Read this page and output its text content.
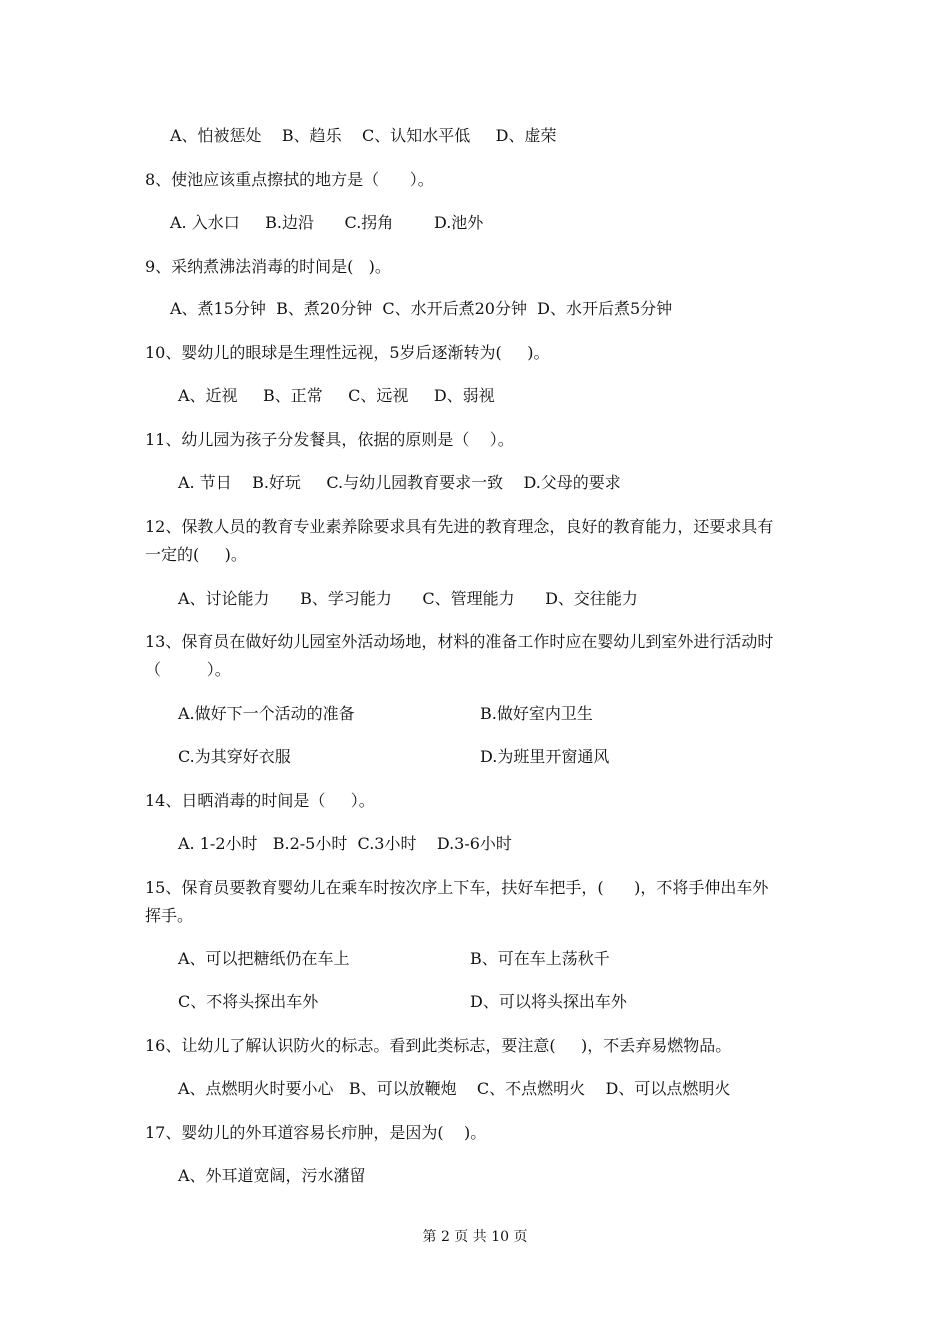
A、怕被惩处    B、趋乐    C、认知水平低     D、虚荣
8、使池应该重点擦拭的地方是（      ）。
A. 入水口     B.边沿      C.拐角        D.池外
9、采纳煮沸法消毒的时间是(   )。
A、煮15分钟  B、煮20分钟  C、水开后煮20分钟  D、水开后煮5分钟
10、婴幼儿的眼球是生理性远视，5岁后逐渐转为(     )。
A、近视     B、正常     C、远视     D、弱视
11、幼儿园为孩子分发餐具，依据的原则是（    ）。
A. 节日    B.好玩     C.与幼儿园教育要求一致    D.父母的要求
12、保教人员的教育专业素养除要求具有先进的教育理念，良好的教育能力，还要求具有
一定的(     )。
A、讨论能力      B、学习能力      C、管理能力      D、交往能力
13、保育员在做好幼儿园室外活动场地，材料的准备工作时应在婴幼儿到室外进行活动时
（         ）。
A.做好下一个活动的准备	B.做好室内卫生
C.为其穿好衣服	D.为班里开窗通风
14、日晒消毒的时间是（     ）。
A. 1-2小时   B.2-5小时  C.3小时    D.3-6小时
15、保育员要教育婴幼儿在乘车时按次序上下车，扶好车把手，(      )，不将手伸出车外
挥手。
A、可以把糖纸仍在车上	B、可在车上荡秋千
C、不将头探出车外	D、可以将头探出车外
16、让幼儿了解认识防火的标志。看到此类标志，要注意(     )，不丢弃易燃物品。
A、点燃明火时要小心   B、可以放鞭炮    C、不点燃明火    D、可以点燃明火
17、婴幼儿的外耳道容易长疖肿，是因为(    )。
A、外耳道宽阔，污水潴留
第 2 页 共 10 页
